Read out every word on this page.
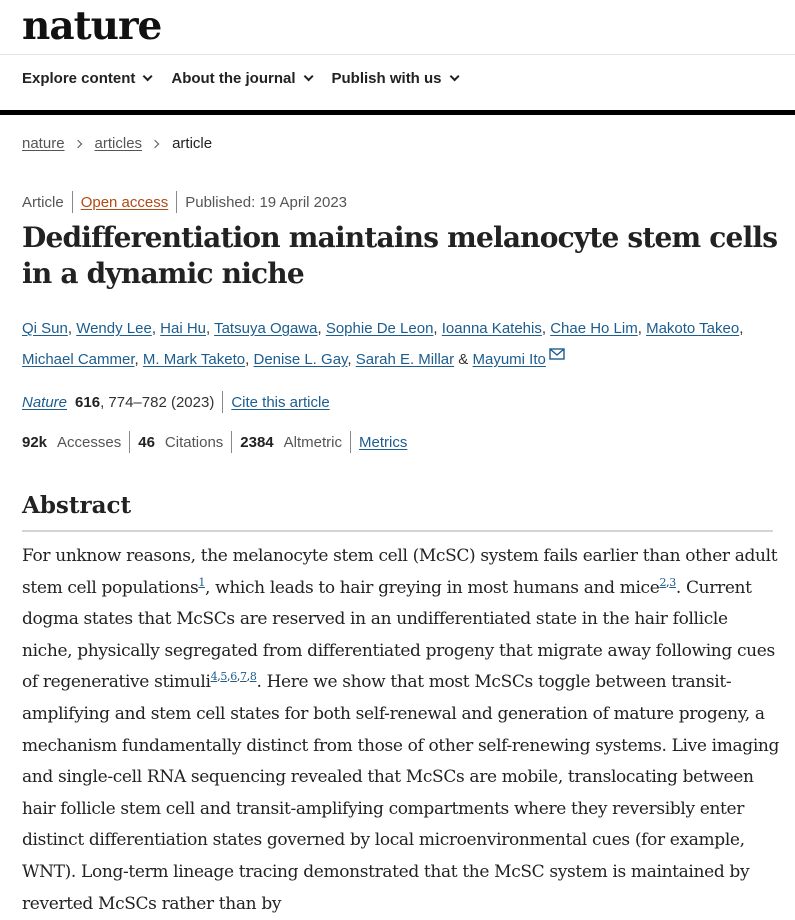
nature
Explore content About the journal Publish with us
nature articles article
Article Open access Published: 19 April 2023
Dedifferentiation maintains melanocyte stem cells in a dynamic niche
Qi Sun, Wendy Lee, Hai Hu, Tatsuya Ogawa, Sophie De Leon, Ioanna Katehis, Chae Ho Lim, Makoto Takeo, Michael Cammer, M. Mark Taketo, Denise L. Gay, Sarah E. Millar & Mayumi Ito
Nature 616 , 774–782 (2023) Cite this article
92k Accesses 46 Citations 2384 Altmetric Metrics
Abstract

For unknow reasons, the melanocyte stem cell (McSC) system fails earlier than other adult stem cell populations$^1$, which leads to hair greying in most humans and mice$^{2,3}$. Current dogma states that McSCs are reserved in an undifferentiated state in the hair follicle niche, physically segregated from differentiated progeny that migrate away following cues of regenerative stimuli$^{4,5,6,7,8}$. Here we show that most McSCs toggle between transit-amplifying and stem cell states for both self-renewal and generation of mature progeny, a mechanism fundamentally distinct from those of other self-renewing systems. Live imaging and single-cell RNA sequencing revealed that McSCs are mobile, translocating between hair follicle stem cell and transit-amplifying compartments where they reversibly enter distinct differentiation states governed by local microenvironmental cues (for example, WNT). Long-term lineage tracing demonstrated that the McSC system is maintained by reverted McSCs rather than by
